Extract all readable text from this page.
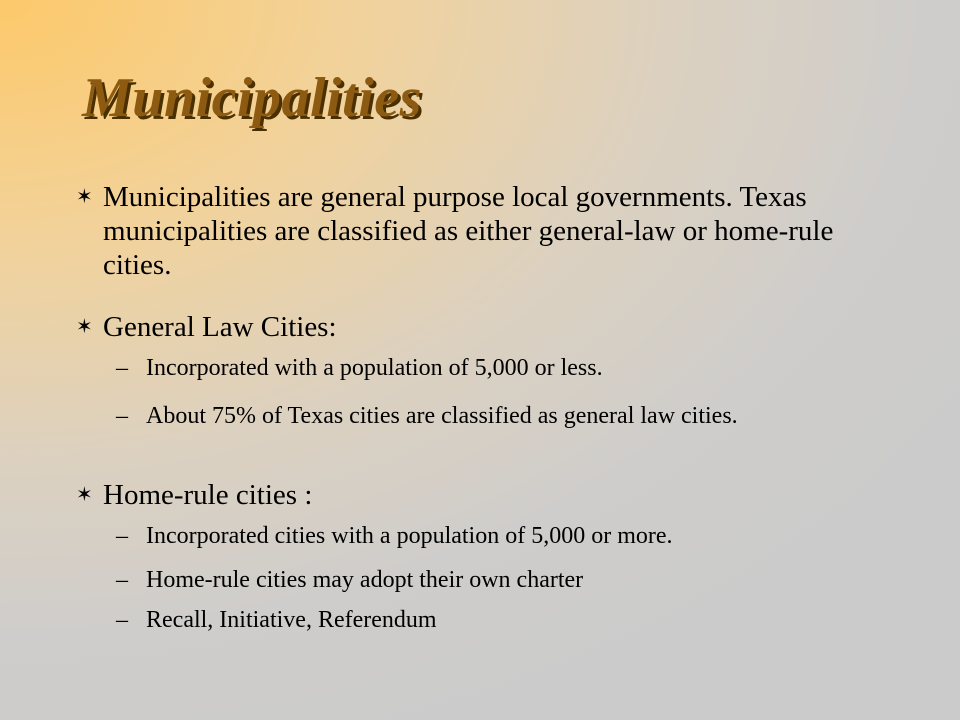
Municipalities
✶ Municipalities are general purpose local governments. Texas municipalities are classified as either general-law or home-rule cities.
✶ General Law Cities:
– Incorporated with a population of 5,000 or less.
– About 75% of Texas cities are classified as general law cities.
✶ Home-rule cities :
– Incorporated cities with a population of 5,000 or more.
– Home-rule cities may adopt their own charter
– Recall, Initiative, Referendum
